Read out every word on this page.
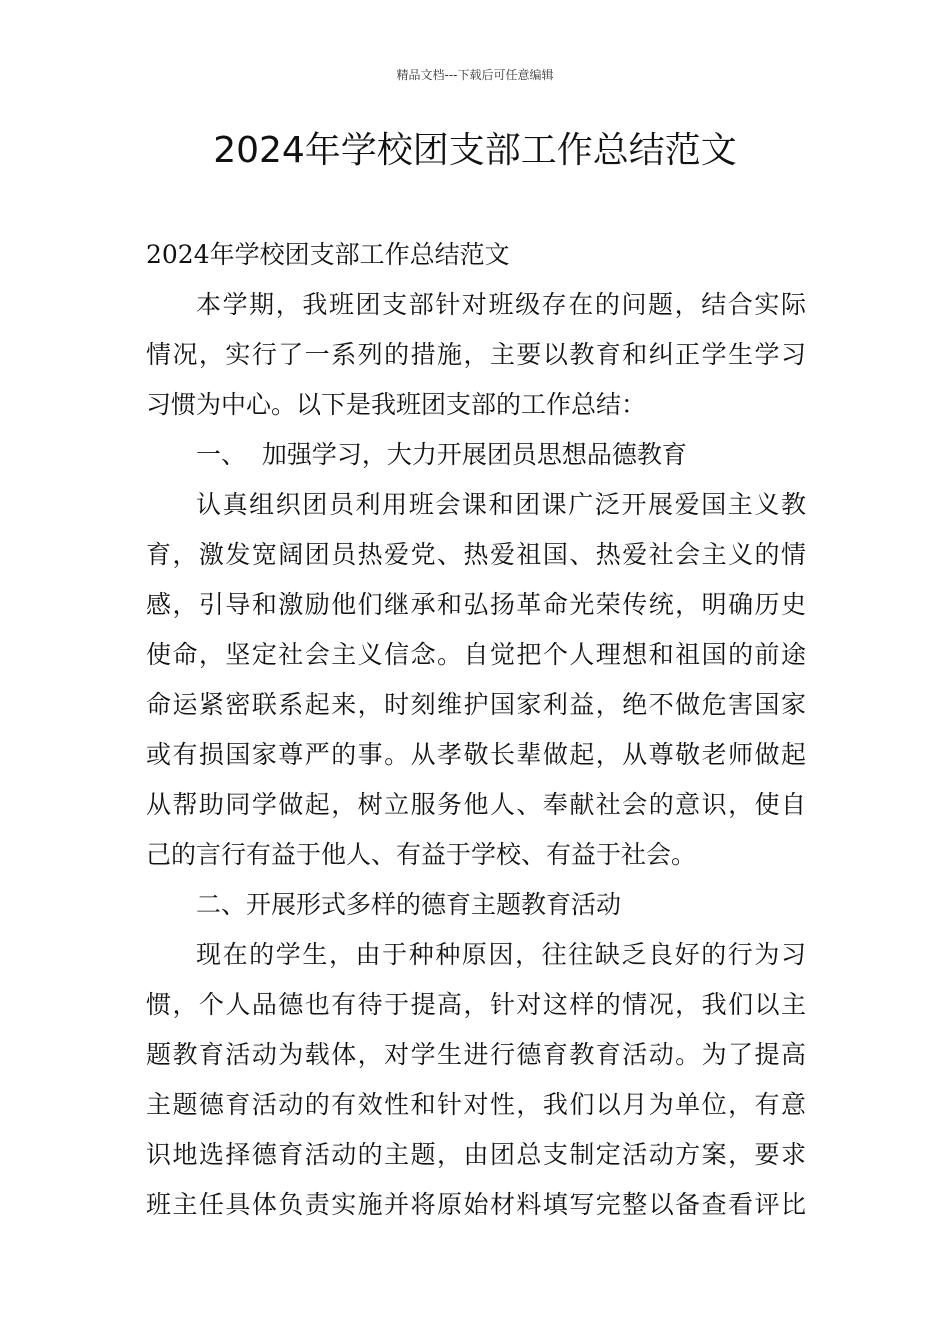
精品文档---下载后可任意编辑
2024年学校团支部工作总结范文

2024年学校团支部工作总结范文

本学期，我班团支部针对班级存在的问题，结合实际
情况，实行了一系列的措施，主要以教育和纠正学生学习
习惯为中心。以下是我班团支部的工作总结：

一、  加强学习，大力开展团员思想品德教育

认真组织团员利用班会课和团课广泛开展爱国主义教
育，激发宽阔团员热爱党、热爱祖国、热爱社会主义的情
感，引导和激励他们继承和弘扬革命光荣传统，明确历史
使命，坚定社会主义信念。自觉把个人理想和祖国的前途
命运紧密联系起来，时刻维护国家利益，绝不做危害国家
或有损国家尊严的事。从孝敬长辈做起，从尊敬老师做起
从帮助同学做起，树立服务他人、奉献社会的意识，使自
己的言行有益于他人、有益于学校、有益于社会。

二、开展形式多样的德育主题教育活动

现在的学生，由于种种原因，往往缺乏良好的行为习
惯，个人品德也有待于提高，针对这样的情况，我们以主
题教育活动为载体，对学生进行德育教育活动。为了提高
主题德育活动的有效性和针对性，我们以月为单位，有意
识地选择德育活动的主题，由团总支制定活动方案，要求
班主任具体负责实施并将原始材料填写完整以备查看评比
